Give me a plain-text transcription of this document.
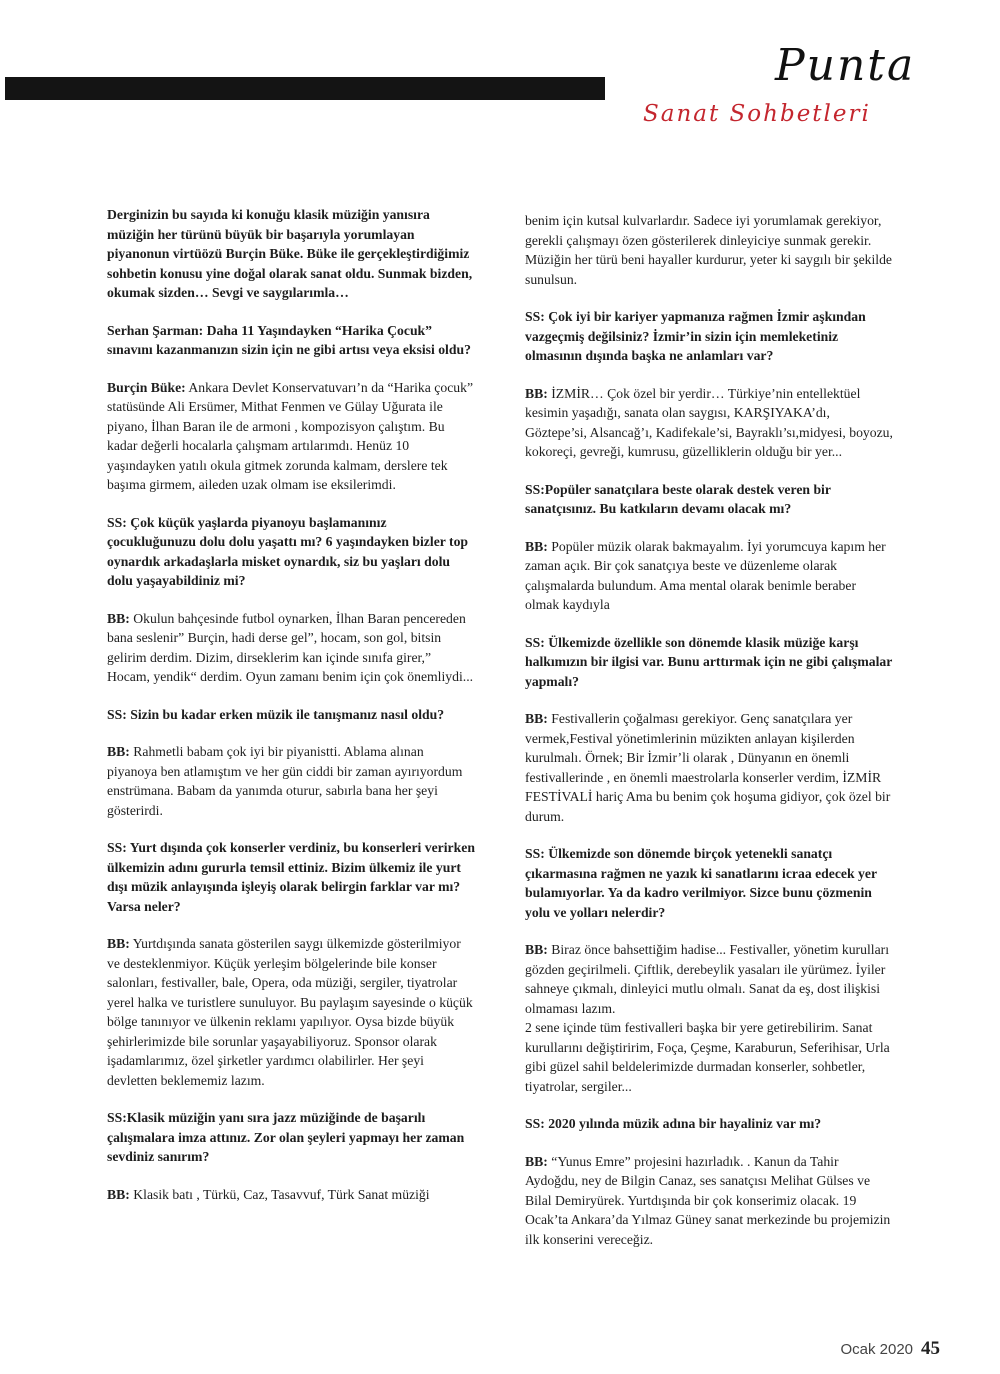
Punta
Sanat Sohbetleri

Derginizin bu sayıda ki konuğu klasik müziğin yanısıra müziğin her türünü büyük bir başarıyla yorumlayan piyanonun virtüözü Burçin Büke. Büke ile gerçekleştirdiğimiz sohbetin konusu yine doğal olarak sanat oldu. Sunmak bizden, okumak sizden… Sevgi ve saygılarımla…

Serhan Şarman: Daha 11 Yaşındayken “Harika Çocuk” sınavını kazanmanızın sizin için ne gibi artısı veya eksisi oldu?

Burçin Büke: Ankara Devlet Konservatuvarı’n da “Harika çocuk” statüsünde Ali Ersümer, Mithat Fenmen ve Gülay Uğurata ile piyano, İlhan Baran ile de armoni , kompozisyon çalıştım. Bu kadar değerli hocalarla çalışmam artılarımdı. Henüz 10 yaşındayken yatılı okula gitmek zorunda kalmam, derslere tek başıma girmem, aileden uzak olmam ise eksilerimdi.

SS: Çok küçük yaşlarda piyanoyu başlamanınız çocukluğunuzu dolu dolu yaşattı mı? 6 yaşındayken bizler top oynardık arkadaşlarla misket oynardık, siz bu yaşları dolu dolu yaşayabildiniz mi?

BB: Okulun bahçesinde futbol oynarken, İlhan Baran pencereden bana seslenir” Burçin, hadi derse gel”, hocam, son gol, bitsin gelirim derdim. Dizim, dirseklerim kan içinde sınıfa girer,” Hocam, yendik“ derdim. Oyun zamanı benim için çok önemliydi...

SS: Sizin bu kadar erken müzik ile tanışmanız nasıl oldu?

BB: Rahmetli babam çok iyi bir piyanistti. Ablama alınan piyanoya ben atlamıştım ve her gün ciddi bir zaman ayırıyordum enstrümana. Babam da yanımda oturur, sabırla bana her şeyi gösterirdi.

SS: Yurt dışında çok konserler verdiniz, bu konserleri verirken ülkemizin adını gururla temsil ettiniz. Bizim ülkemiz ile yurt dışı müzik anlayışında işleyiş olarak belirgin farklar var mı? Varsa neler?

BB: Yurtdışında sanata gösterilen saygı ülkemizde gösterilmiyor ve desteklenmiyor. Küçük yerleşim bölgelerinde bile konser salonları, festivaller, bale, Opera, oda müziği, sergiler, tiyatrolar yerel halka ve turistlere sunuluyor. Bu paylaşım sayesinde o küçük bölge tanınıyor ve ülkenin reklamı yapılıyor. Oysa bizde büyük şehirlerimizde bile sorunlar yaşayabiliyoruz. Sponsor olarak işadamlarımız, özel şirketler yardımcı olabilirler. Her şeyi devletten beklememiz lazım.

SS:Klasik müziğin yanı sıra jazz müziğinde de başarılı çalışmalara imza attınız. Zor olan şeyleri yapmayı her zaman sevdiniz sanırım?

BB: Klasik batı , Türkü, Caz, Tasavvuf, Türk Sanat müziği

benim için kutsal kulvarlardır. Sadece iyi yorumlamak gerekiyor, gerekli çalışmayı özen gösterilerek dinleyiciye sunmak gerekir. Müziğin her türü beni hayaller kurdurur, yeter ki saygılı bir şekilde sunulsun.

SS: Çok iyi bir kariyer yapmanıza rağmen İzmir aşkından vazgeçmiş değilsiniz? İzmir’in sizin için memleketiniz olmasının dışında başka ne anlamları var?

BB: İZMİR… Çok özel bir yerdir… Türkiye’nin entellektüel kesimin yaşadığı, sanata olan saygısı, KARŞIYAKA’dı, Göztepe’si, Alsancağ’ı, Kadifekale’si, Bayraklı’sı,midyesi, boyozu, kokoreçi, gevreği, kumrusu, güzelliklerin olduğu bir yer...

SS:Popüler sanatçılara beste olarak destek veren bir sanatçısınız. Bu katkıların devamı olacak mı?

BB: Popüler müzik olarak bakmayalım. İyi yorumcuya kapım her zaman açık. Bir çok sanatçıya beste ve düzenleme olarak çalışmalarda bulundum. Ama mental olarak benimle beraber olmak kaydıyla

SS: Ülkemizde özellikle son dönemde klasik müziğe karşı halkımızın bir ilgisi var. Bunu arttırmak için ne gibi çalışmalar yapmalı?

BB: Festivallerin çoğalması gerekiyor. Genç sanatçılara yer vermek,Festival yönetimlerinin müzikten anlayan kişilerden kurulmalı. Örnek; Bir İzmir’li olarak , Dünyanın en önemli festivallerinde , en önemli maestrolarla konserler verdim, İZMİR FESTİVALİ hariç Ama bu benim çok hoşuma gidiyor, çok özel bir durum.

SS: Ülkemizde son dönemde birçok yetenekli sanatçı çıkarmasına rağmen ne yazık ki sanatlarını icraa edecek yer bulamıyorlar. Ya da kadro verilmiyor. Sizce bunu çözmenin yolu ve yolları nelerdir?

BB: Biraz önce bahsettiğim hadise... Festivaller, yönetim kurulları gözden geçirilmeli. Çiftlik, derebeylik yasaları ile yürümez. İyiler sahneye çıkmalı, dinleyici mutlu olmalı. Sanat da eş, dost ilişkisi olmaması lazım.
2 sene içinde tüm festivalleri başka bir yere getirebilirim. Sanat kurullarını değiştiririm, Foça, Çeşme, Karaburun, Seferihisar, Urla gibi güzel sahil beldelerimizde durmadan konserler, sohbetler, tiyatrolar, sergiler...

SS: 2020 yılında müzik adına bir hayaliniz var mı?

BB: “Yunus Emre” projesini hazırladık. . Kanun da Tahir Aydoğdu, ney de Bilgin Canaz, ses sanatçısı Melihat Gülses ve Bilal Demiryürek. Yurtdışında bir çok konserimiz olacak. 19 Ocak’ta Ankara’da Yılmaz Güney sanat merkezinde bu projemizin ilk konserini vereceğiz.

Ocak 2020 45
